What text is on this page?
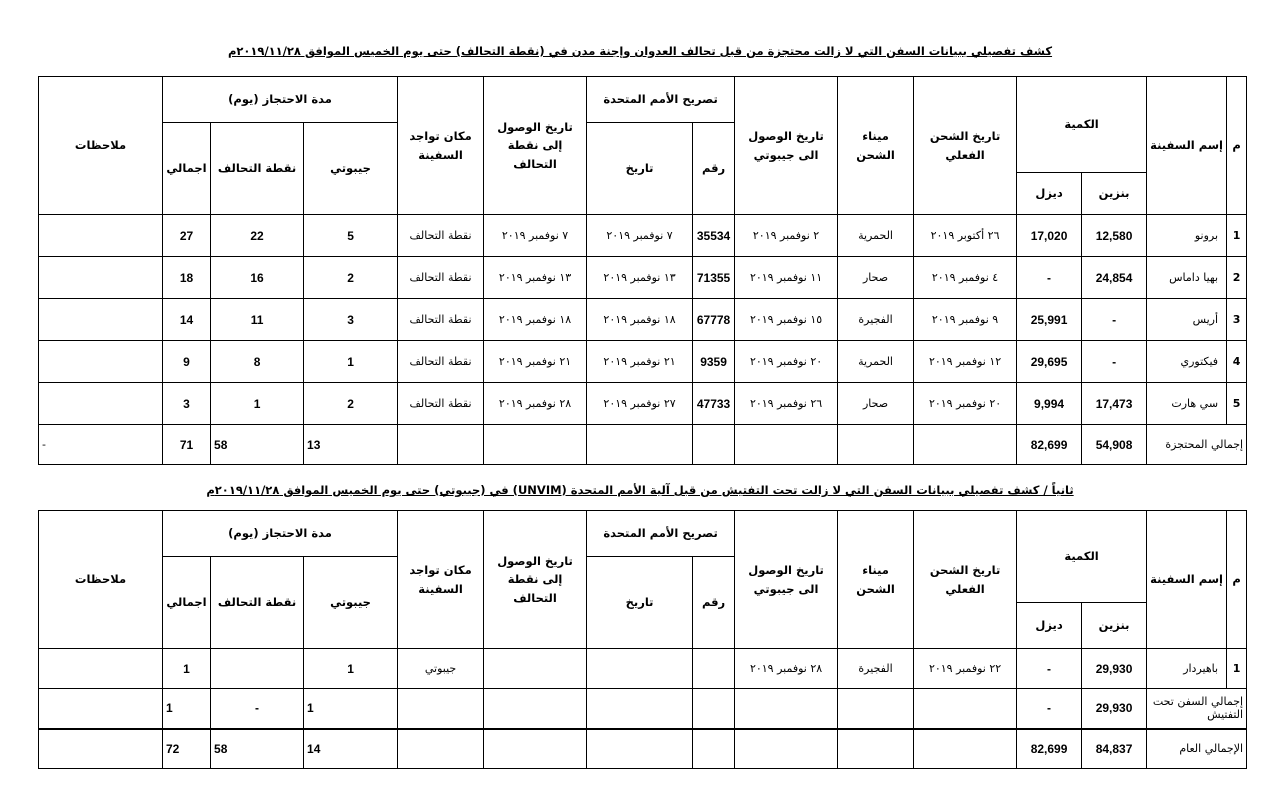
كشف تفصيلي ببيانات السفن التي لا زالت محتجزة من قبل تحالف العدوان وإجنة مدن في (نقطة التحالف) حتى يوم الخميس الموافق ٢٠١٩/١١/٢٨م
م	إسم السفينة	الكمية		تاريخ الشحن الفعلي	ميناء الشحن	تاريخ الوصول الى جيبوتي	تصريح الأمم المتحدة		تاريخ الوصول إلى نقطة التحالف	مكان تواجد السفينة	مدة الاحتجاز (يوم)			ملاحظات
							رقم	تاريخ			جيبوتي	نقطة التحالف	اجمالي	
		بنزين	ديزل											
1	برونو	12,580	17,020	٢٦ أكتوبر ٢٠١٩	الحمرية	٢ نوفمبر ٢٠١٩	35534	٧ نوفمبر ٢٠١٩	٧ نوفمبر ٢٠١٩	نقطة التحالف	5	22	27	
2	بهيا داماس	24,854	-	٤ نوفمبر ٢٠١٩	صحار	١١ نوفمبر ٢٠١٩	71355	١٣ نوفمبر ٢٠١٩	١٣ نوفمبر ٢٠١٩	نقطة التحالف	2	16	18	
3	أريس	-	25,991	٩ نوفمبر ٢٠١٩	الفجيرة	١٥ نوفمبر ٢٠١٩	67778	١٨ نوفمبر ٢٠١٩	١٨ نوفمبر ٢٠١٩	نقطة التحالف	3	11	14	
4	فيكتوري	-	29,695	١٢ نوفمبر ٢٠١٩	الحمرية	٢٠ نوفمبر ٢٠١٩	9359	٢١ نوفمبر ٢٠١٩	٢١ نوفمبر ٢٠١٩	نقطة التحالف	1	8	9	
5	سي هارت	17,473	9,994	٢٠ نوفمبر ٢٠١٩	صحار	٢٦ نوفمبر ٢٠١٩	47733	٢٧ نوفمبر ٢٠١٩	٢٨ نوفمبر ٢٠١٩	نقطة التحالف	2	1	3	
إجمالي المحتجزة		54,908	82,699								13	58	71	-
ثانياً / كشف تفصيلي ببيانات السفن التي لا زالت تحت التفتيش من قبل آلية الأمم المتحدة (UNVIM) في (جيبوتي) حتى يوم الخميس الموافق ٢٠١٩/١١/٢٨م
م	إسم السفينة	الكمية		تاريخ الشحن الفعلي	ميناء الشحن	تاريخ الوصول الى جيبوتي	تصريح الأمم المتحدة		تاريخ الوصول إلى نقطة التحالف	مكان تواجد السفينة	مدة الاحتجاز (يوم)			ملاحظات
							رقم	تاريخ			جيبوتي	نقطة التحالف	اجمالي	
		بنزين	ديزل											
1	باهيردار	29,930	-	٢٢ نوفمبر ٢٠١٩	الفجيرة	٢٨ نوفمبر ٢٠١٩				جيبوتي	1		1	
إجمالي السفن تحت التفتيش		29,930	-								1	-	1	
الإجمالي العام		84,837	82,699								14	58	72	
